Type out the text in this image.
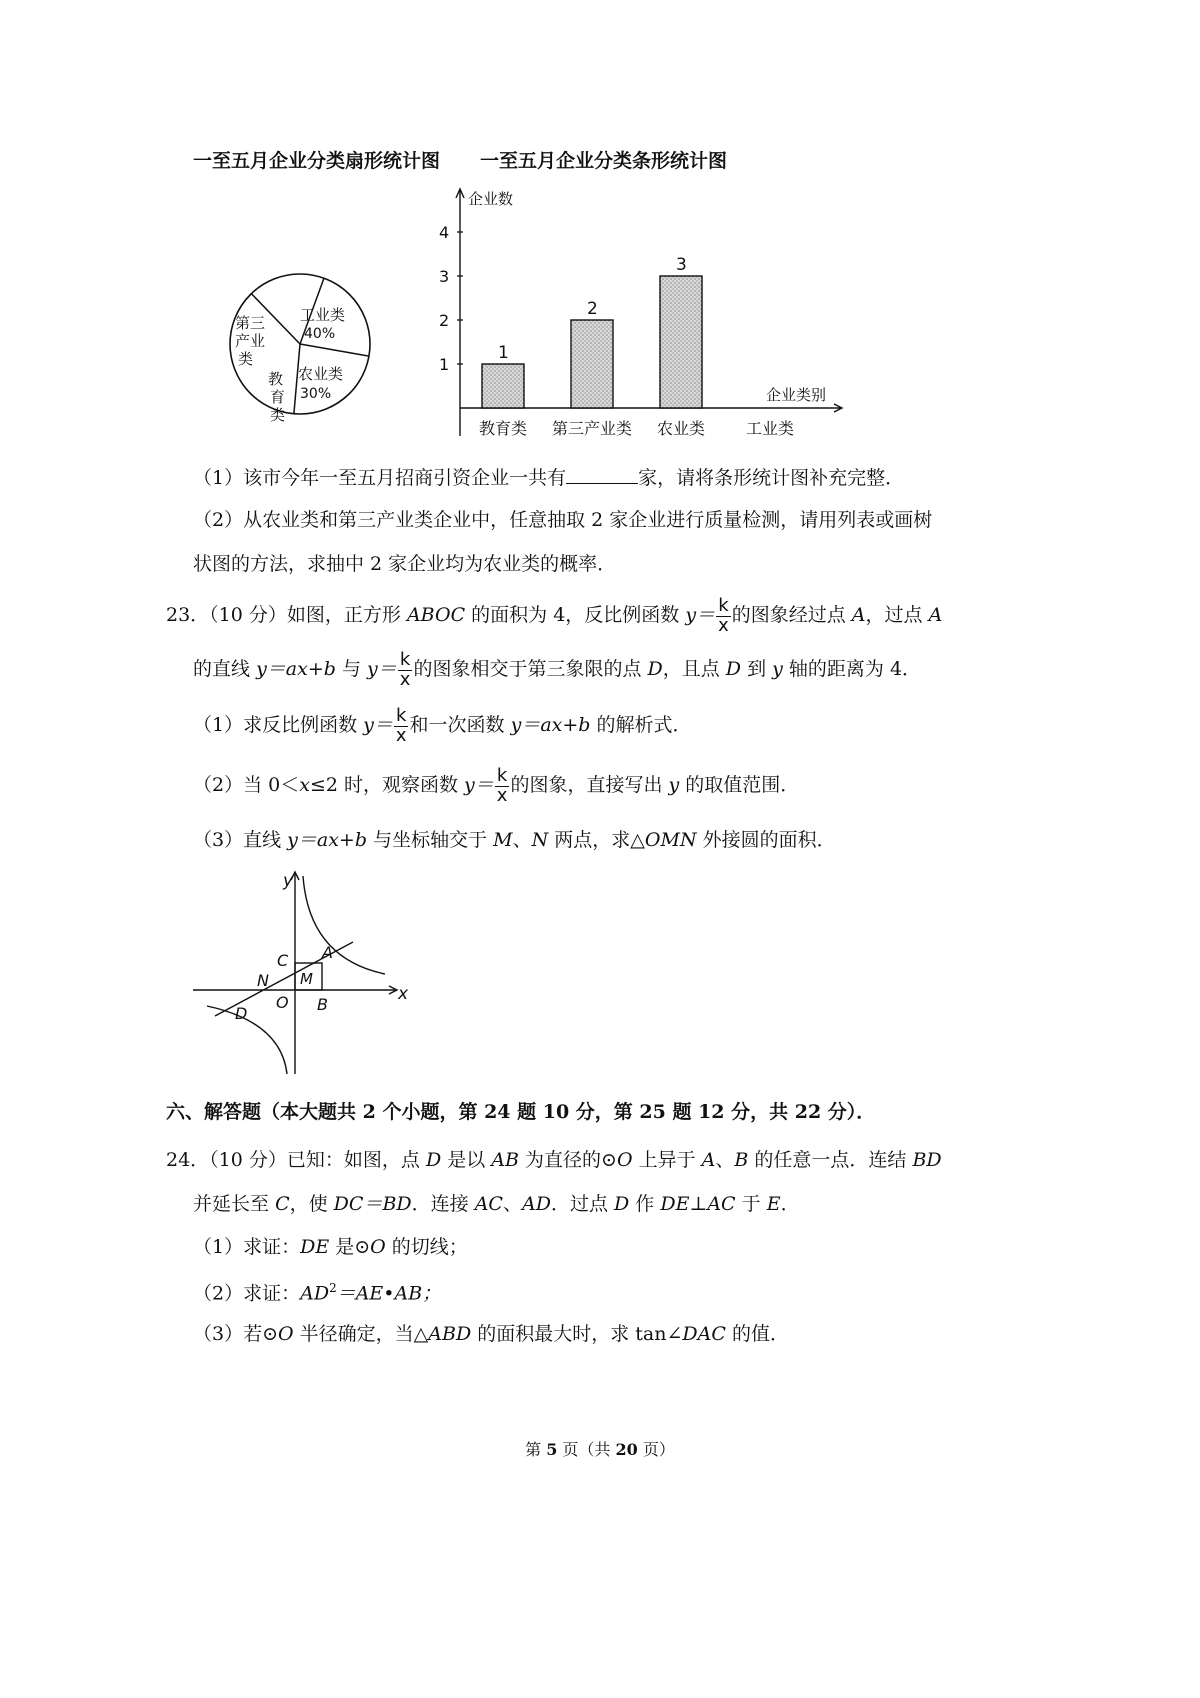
一至五月企业分类扇形统计图 一至五月企业分类条形统计图
工业类
40%
农业类
30%
第三
产业
类
教
育
类
企业数
企业类别
1
2
3
4
1
教育类
2
第三产业类
3
农业类	工业类
（1）该市今年一至五月招商引资企业一共有	家，请将条形统计图补充完整．
（2）从农业类和第三产业类企业中，任意抽取 2 家企业进行质量检测，请用列表或画树
状图的方法，求抽中 2 家企业均为农业类的概率．
23．（10 分）如图，正方形 ABOC 的面积为 4，反比例函数 $y= \frac{k}{x}$ 的图象经过点 A，过点 A
的直线 y＝ax+b 与 $y= \frac{k}{x}$ 的图象相交于第三象限的点 D，且点 D 到 y 轴的距离为 4．
（1）求反比例函数 $y= \frac{k}{x}$ 和一次函数 y＝ax+b 的解析式．
（2）当 0＜x≤2 时，观察函数 $y= \frac{k}{x}$ 的图象，直接写出 y 的取值范围．
（3）直线 y＝ax+b 与坐标轴交于 M、N 两点，求△OMN 外接圆的面积．
y
x
A
B
C
D
M
N
O
六、解答题（本大题共 2 个小题，第 24 题 10 分，第 25 题 12 分，共 22 分）．
24．（10 分）已知：如图，点 D 是以 AB 为直径的⊙O 上异于 A、B 的任意一点．连结 BD
并延长至 C，使 DC＝BD．连接 AC、AD．过点 D 作 DE⊥AC 于 E．
（1）求证：DE 是⊙O 的切线；
（2）求证：$AD^2=AE•AB$；
（3）若⊙O 半径确定，当△ABD 的面积最大时，求 tan∠DAC 的值．
第 5 页（共 20 页）
